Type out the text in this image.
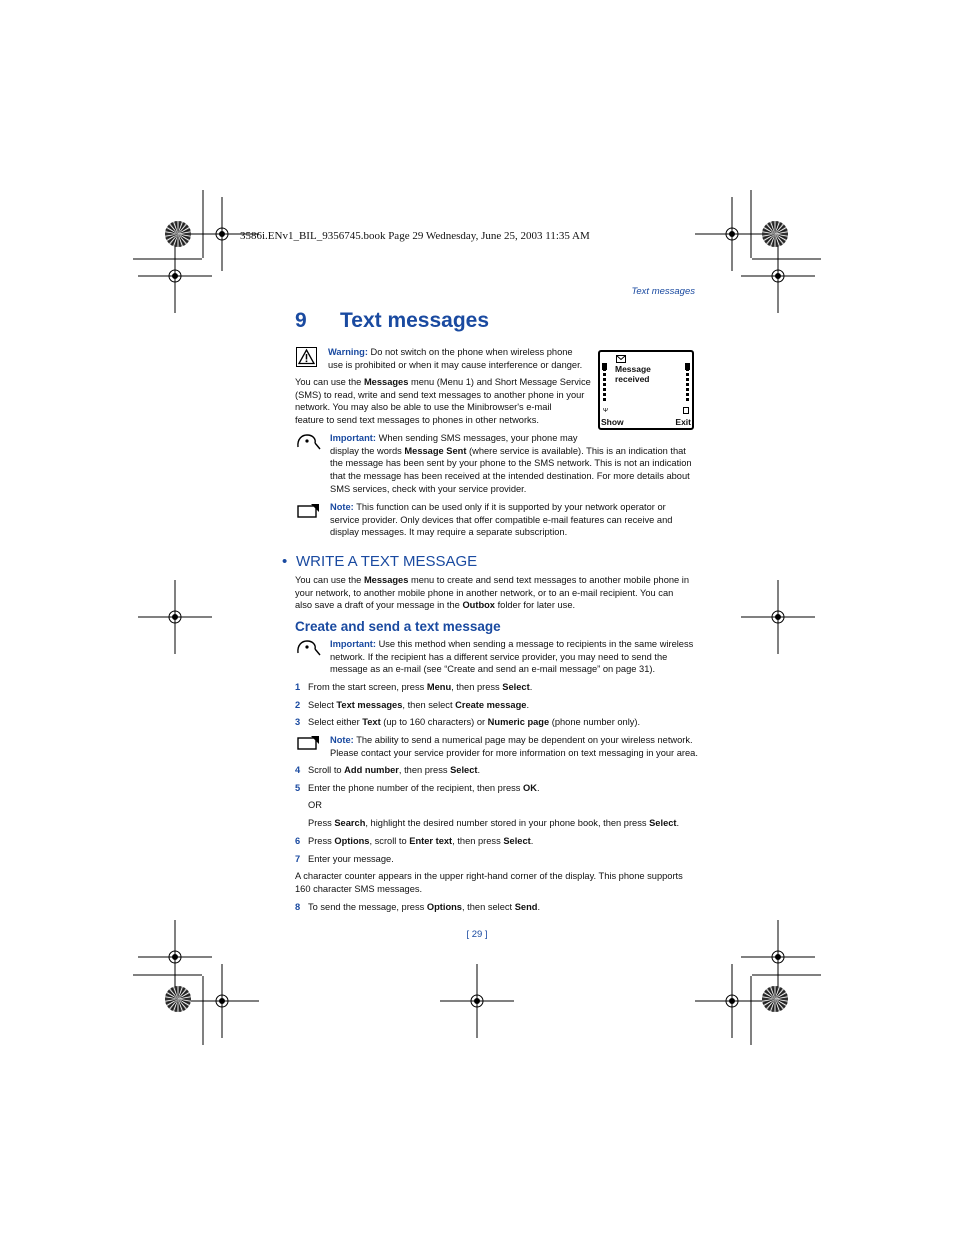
3586i.ENv1_BIL_9356745.book Page 29 Wednesday, June 25, 2003 11:35 AM
Text messages
9 Text messages
Warning: Do not switch on the phone when wireless phone
use is prohibited or when it may cause interference or danger.
You can use the Messages menu (Menu 1) and Short Message Service
(SMS) to read, write and send text messages to another phone in your
network. You may also be able to use the Minibrowser's e-mail
feature to send text messages to phones in other networks.
Message
received
ᴪ
Show	Exit
Important: When sending SMS messages, your phone may
display the words Message Sent (where service is available). This is an indication that
the message has been sent by your phone to the SMS network. This is not an indication
that the message has been received at the intended destination. For more details about
SMS services, check with your service provider.
Note: This function can be used only if it is supported by your network operator or
service provider. Only devices that offer compatible e-mail features can receive and
display messages. It may require a separate subscription.
• WRITE A TEXT MESSAGE
You can use the Messages menu to create and send text messages to another mobile phone in
your network, to another mobile phone in another network, or to an e-mail recipient. You can
also save a draft of your message in the Outbox folder for later use.
Create and send a text message
Important: Use this method when sending a message to recipients in the same wireless
network. If the recipient has a different service provider, you may need to send the
message as an e-mail (see “Create and send an e-mail message” on page 31).
1 From the start screen, press Menu, then press Select.
2 Select Text messages, then select Create message.
3 Select either Text (up to 160 characters) or Numeric page (phone number only).
Note: The ability to send a numerical page may be dependent on your wireless network.
Please contact your service provider for more information on text messaging in your area.
4 Scroll to Add number, then press Select.
5 Enter the phone number of the recipient, then press OK.
OR
Press Search, highlight the desired number stored in your phone book, then press Select.
6 Press Options, scroll to Enter text, then press Select.
7 Enter your message.
A character counter appears in the upper right-hand corner of the display. This phone supports
160 character SMS messages.
8 To send the message, press Options, then select Send.
[ 29 ]
